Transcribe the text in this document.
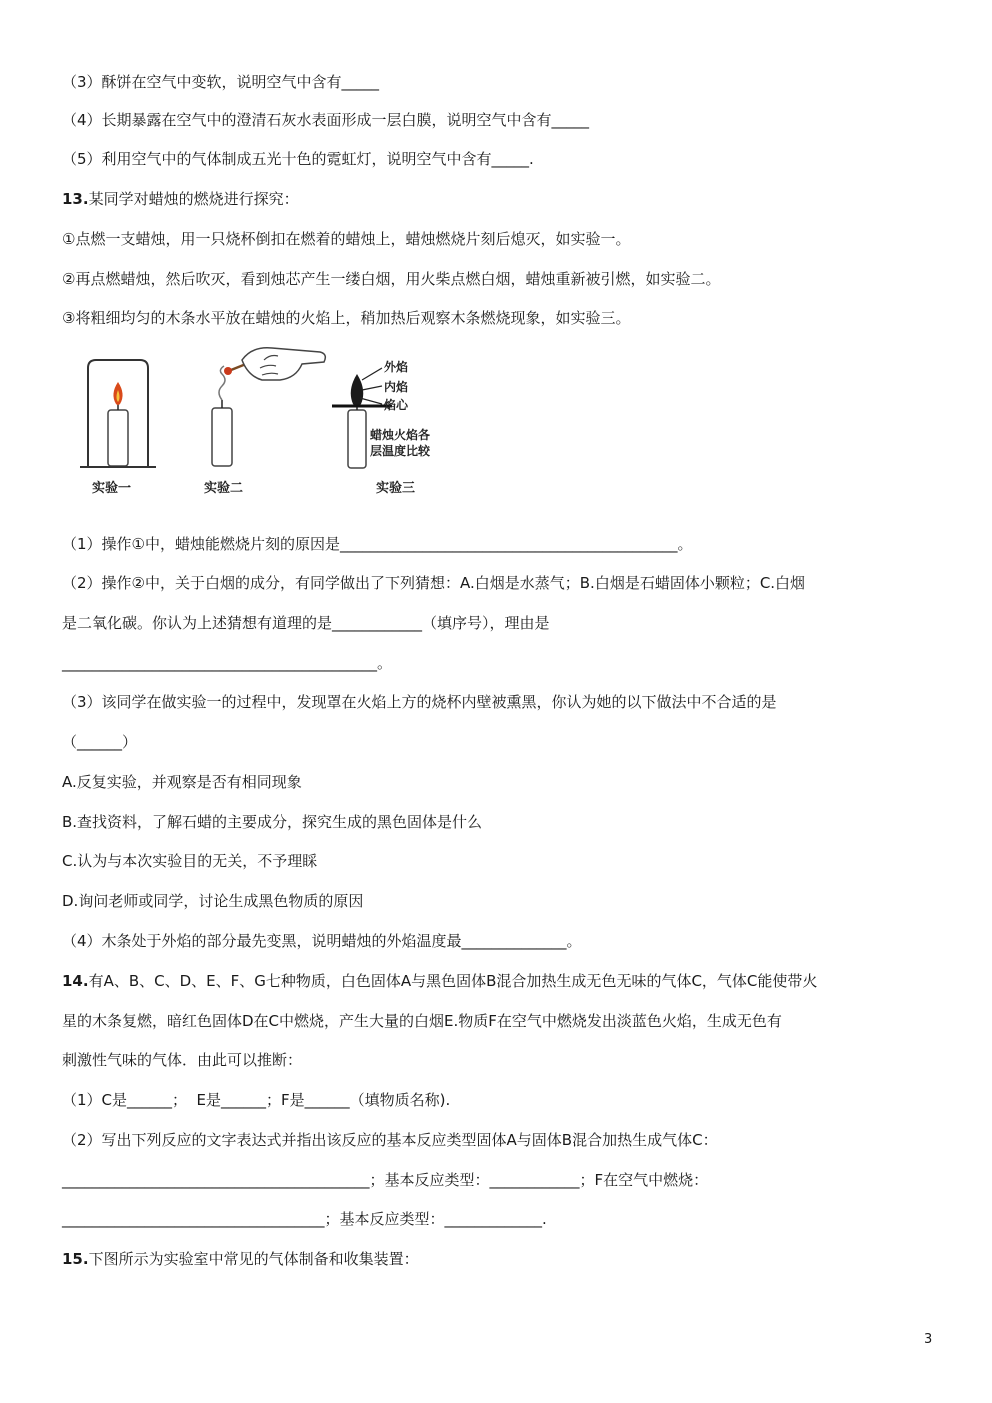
（3）酥饼在空气中变软，说明空气中含有_____
（4）长期暴露在空气中的澄清石灰水表面形成一层白膜，说明空气中含有_____
（5）利用空气中的气体制成五光十色的霓虹灯，说明空气中含有_____.
13.某同学对蜡烛的燃烧进行探究：
①点燃一支蜡烛，用一只烧杯倒扣在燃着的蜡烛上，蜡烛燃烧片刻后熄灭，如实验一。
②再点燃蜡烛，然后吹灭，看到烛芯产生一缕白烟，用火柴点燃白烟，蜡烛重新被引燃，如实验二。
③将粗细均匀的木条水平放在蜡烛的火焰上，稍加热后观察木条燃烧现象，如实验三。
实验一	实验二	实验三
外焰
内焰
焰心
蜡烛火焰各
层温度比较
（1）操作①中，蜡烛能燃烧片刻的原因是_____________________________________________。
（2）操作②中，关于白烟的成分，有同学做出了下列猜想：A.白烟是水蒸气；B.白烟是石蜡固体小颗粒；C.白烟
是二氧化碳。你认为上述猜想有道理的是____________（填序号），理由是
__________________________________________。
（3）该同学在做实验一的过程中，发现罩在火焰上方的烧杯内壁被熏黑，你认为她的以下做法中不合适的是
（______）
A.反复实验，并观察是否有相同现象
B.查找资料，了解石蜡的主要成分，探究生成的黑色固体是什么
C.认为与本次实验目的无关，不予理睬
D.询问老师或同学，讨论生成黑色物质的原因
（4）木条处于外焰的部分最先变黑，说明蜡烛的外焰温度最______________。
14.有A、B、C、D、E、F、G七种物质，白色固体A与黑色固体B混合加热生成无色无味的气体C，气体C能使带火
星的木条复燃，暗红色固体D在C中燃烧，产生大量的白烟E.物质F在空气中燃烧发出淡蓝色火焰，生成无色有
刺激性气味的气体．由此可以推断：
（1）C是______；  E是______；F是______（填物质名称).
（2）写出下列反应的文字表达式并指出该反应的基本反应类型固体A与固体B混合加热生成气体C：
_________________________________________；基本反应类型：____________；F在空气中燃烧：
___________________________________；基本反应类型：_____________.
15.下图所示为实验室中常见的气体制备和收集装置：
3
